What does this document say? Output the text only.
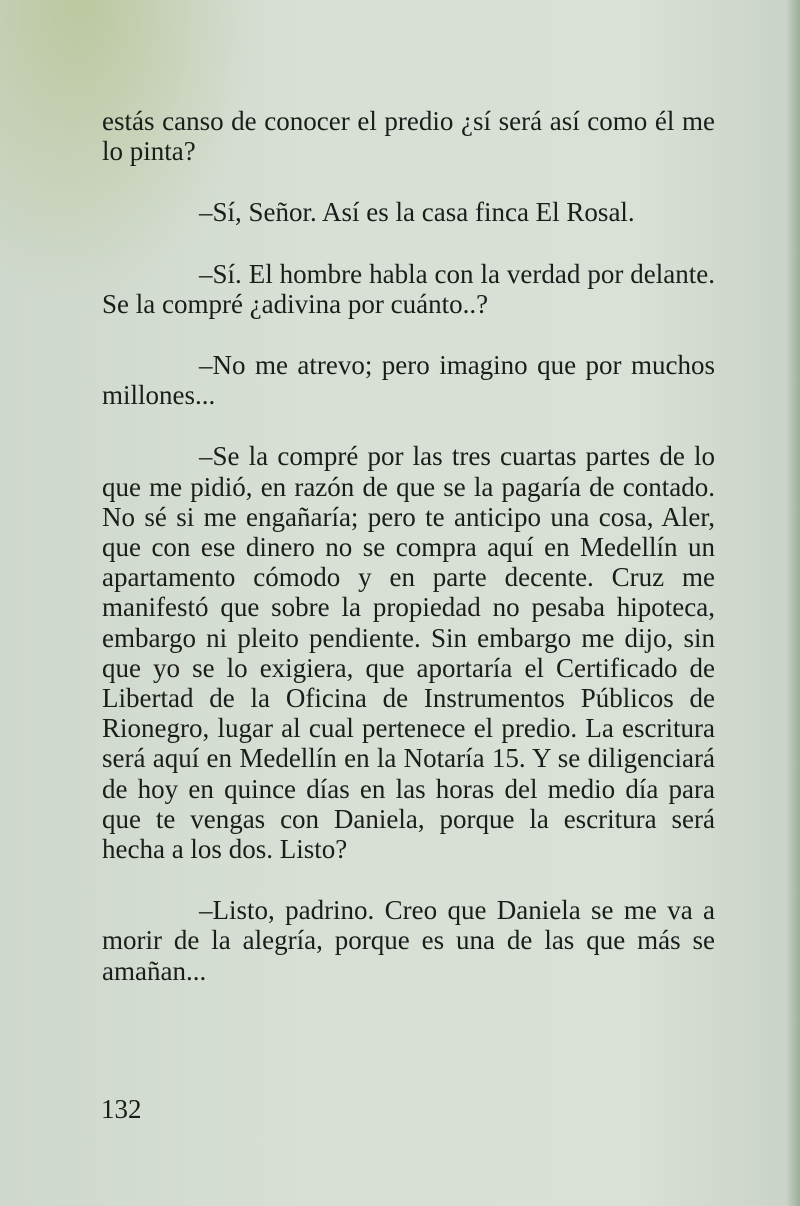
estás canso de conocer el predio ¿sí será así como él me lo pinta?

–Sí, Señor. Así es la casa finca El Rosal.

–Sí. El hombre habla con la verdad por delante. Se la compré ¿adivina por cuánto..?

–No me atrevo; pero imagino que por muchos millones...

–Se la compré por las tres cuartas partes de lo que me pidió, en razón de que se la pagaría de contado. No sé si me engañaría; pero te anticipo una cosa, Aler, que con ese dinero no se compra aquí en Medellín un apartamento cómodo y en parte decente. Cruz me manifestó que sobre la propiedad no pesaba hipoteca, embargo ni pleito pendiente. Sin embargo me dijo, sin que yo se lo exigiera, que aportaría el Certificado de Libertad de la Oficina de Instrumentos Públicos de Rionegro, lugar al cual pertenece el predio. La escritura será aquí en Medellín en la Notaría 15. Y se diligenciará de hoy en quince días en las horas del medio día para que te vengas con Daniela, porque la escritura será hecha a los dos. Listo?

–Listo, padrino. Creo que Daniela se me va a morir de la alegría, porque es una de las que más se amañan...

132
